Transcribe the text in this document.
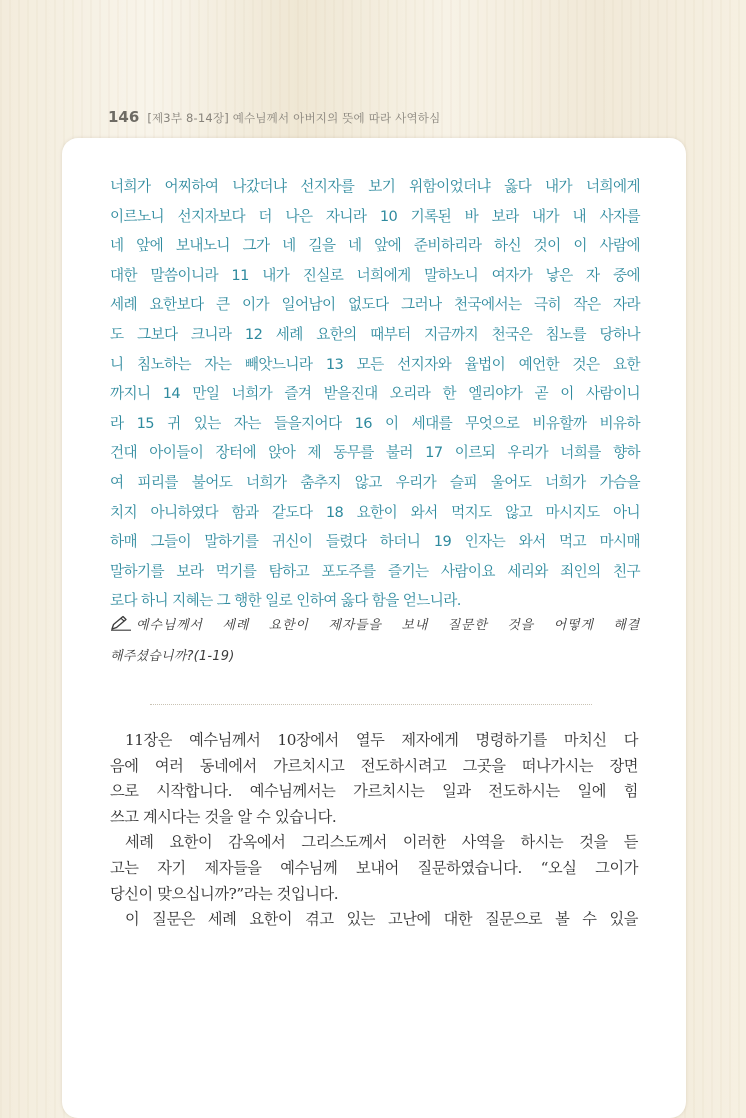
146 [제3부 8-14장] 예수님께서 아버지의 뜻에 따라 사역하심
너희가 어찌하여 나갔더냐 선지자를 보기 위함이었더냐 옳다 내가 너희에게
이르노니 선지자보다 더 나은 자니라 10 기록된 바 보라 내가 내 사자를
네 앞에 보내노니 그가 네 길을 네 앞에 준비하리라 하신 것이 이 사람에
대한 말씀이니라 11 내가 진실로 너희에게 말하노니 여자가 낳은 자 중에
세례 요한보다 큰 이가 일어남이 없도다 그러나 천국에서는 극히 작은 자라
도 그보다 크니라 12 세례 요한의 때부터 지금까지 천국은 침노를 당하나
니 침노하는 자는 빼앗느니라 13 모든 선지자와 율법이 예언한 것은 요한
까지니 14 만일 너희가 즐겨 받을진대 오리라 한 엘리야가 곧 이 사람이니
라 15 귀 있는 자는 들을지어다 16 이 세대를 무엇으로 비유할까 비유하
건대 아이들이 장터에 앉아 제 동무를 불러 17 이르되 우리가 너희를 향하
여 피리를 불어도 너희가 춤추지 않고 우리가 슬피 울어도 너희가 가슴을
치지 아니하였다 함과 같도다 18 요한이 와서 먹지도 않고 마시지도 아니
하매 그들이 말하기를 귀신이 들렸다 하더니 19 인자는 와서 먹고 마시매
말하기를 보라 먹기를 탐하고 포도주를 즐기는 사람이요 세리와 죄인의 친구
로다 하니 지혜는 그 행한 일로 인하여 옳다 함을 얻느니라.
예수님께서 세례 요한이 제자들을 보내 질문한 것을 어떻게 해결
해주셨습니까?(1-19)
11장은 예수님께서 10장에서 열두 제자에게 명령하기를 마치신 다
음에 여러 동네에서 가르치시고 전도하시려고 그곳을 떠나가시는 장면
으로 시작합니다. 예수님께서는 가르치시는 일과 전도하시는 일에 힘
쓰고 계시다는 것을 알 수 있습니다.
세례 요한이 감옥에서 그리스도께서 이러한 사역을 하시는 것을 듣
고는 자기 제자들을 예수님께 보내어 질문하였습니다. “오실 그이가
당신이 맞으십니까?”라는 것입니다.
이 질문은 세례 요한이 겪고 있는 고난에 대한 질문으로 볼 수 있을
